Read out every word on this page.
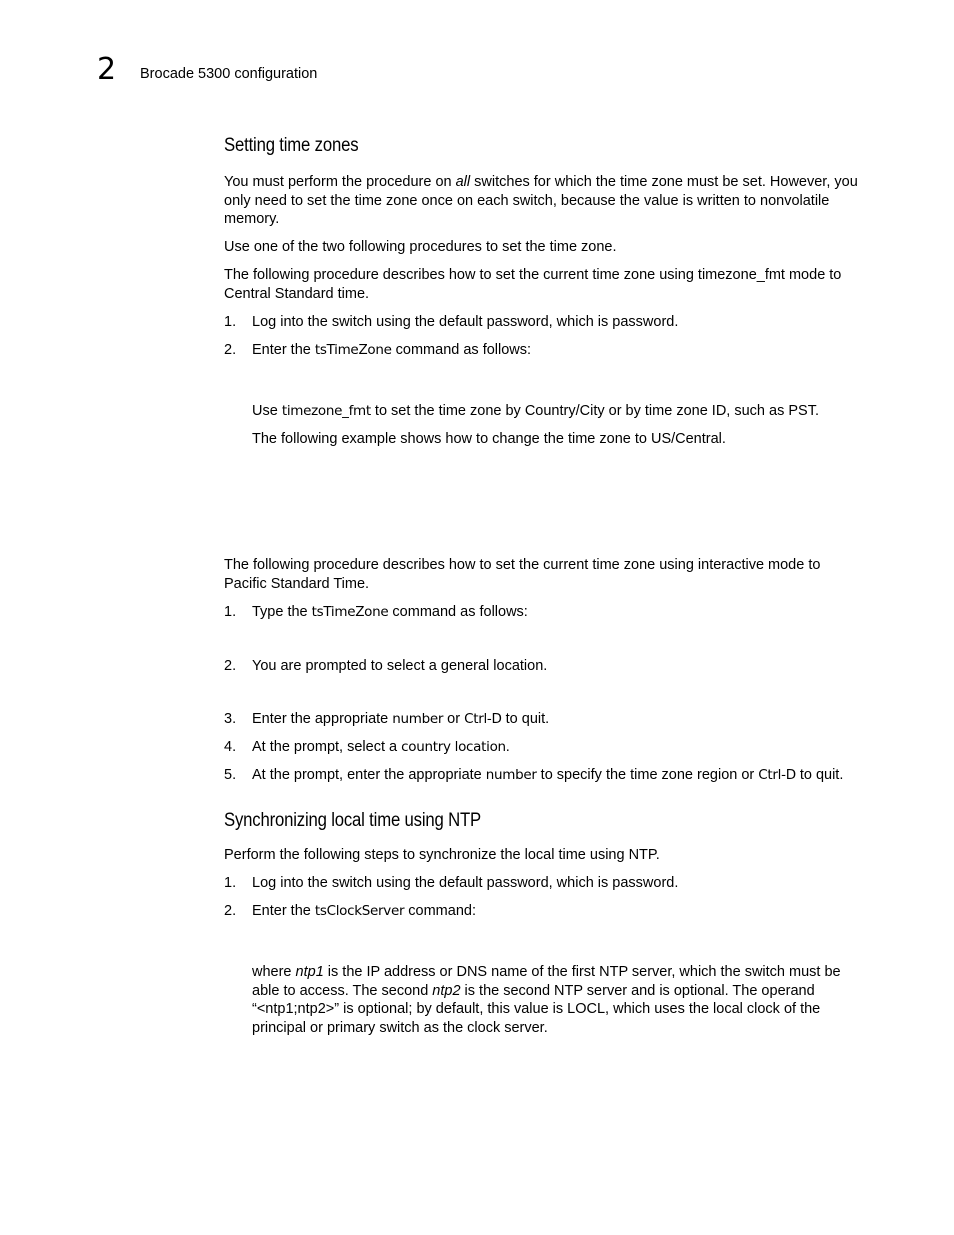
2 Brocade 5300 configuration
Setting time zones
You must perform the procedure on all switches for which the time zone must be set. However, you
only need to set the time zone once on each switch, because the value is written to nonvolatile
memory.
Use one of the two following procedures to set the time zone.
The following procedure describes how to set the current time zone using timezone_fmt mode to
Central Standard time.
1. Log into the switch using the default password, which is password.
2. Enter the tsTimeZone command as follows:
Use timezone_fmt to set the time zone by Country/City or by time zone ID, such as PST.
The following example shows how to change the time zone to US/Central.
The following procedure describes how to set the current time zone using interactive mode to
Pacific Standard Time.
1. Type the tsTimeZone command as follows:
2. You are prompted to select a general location.
3. Enter the appropriate number or Ctrl-D to quit.
4. At the prompt, select a country location.
5. At the prompt, enter the appropriate number to specify the time zone region or Ctrl-D to quit.
Synchronizing local time using NTP
Perform the following steps to synchronize the local time using NTP.
1. Log into the switch using the default password, which is password.
2. Enter the tsClockServer command:
where ntp1 is the IP address or DNS name of the first NTP server, which the switch must be
able to access. The second ntp2 is the second NTP server and is optional. The operand
“<ntp1;ntp2>” is optional; by default, this value is LOCL, which uses the local clock of the
principal or primary switch as the clock server.
